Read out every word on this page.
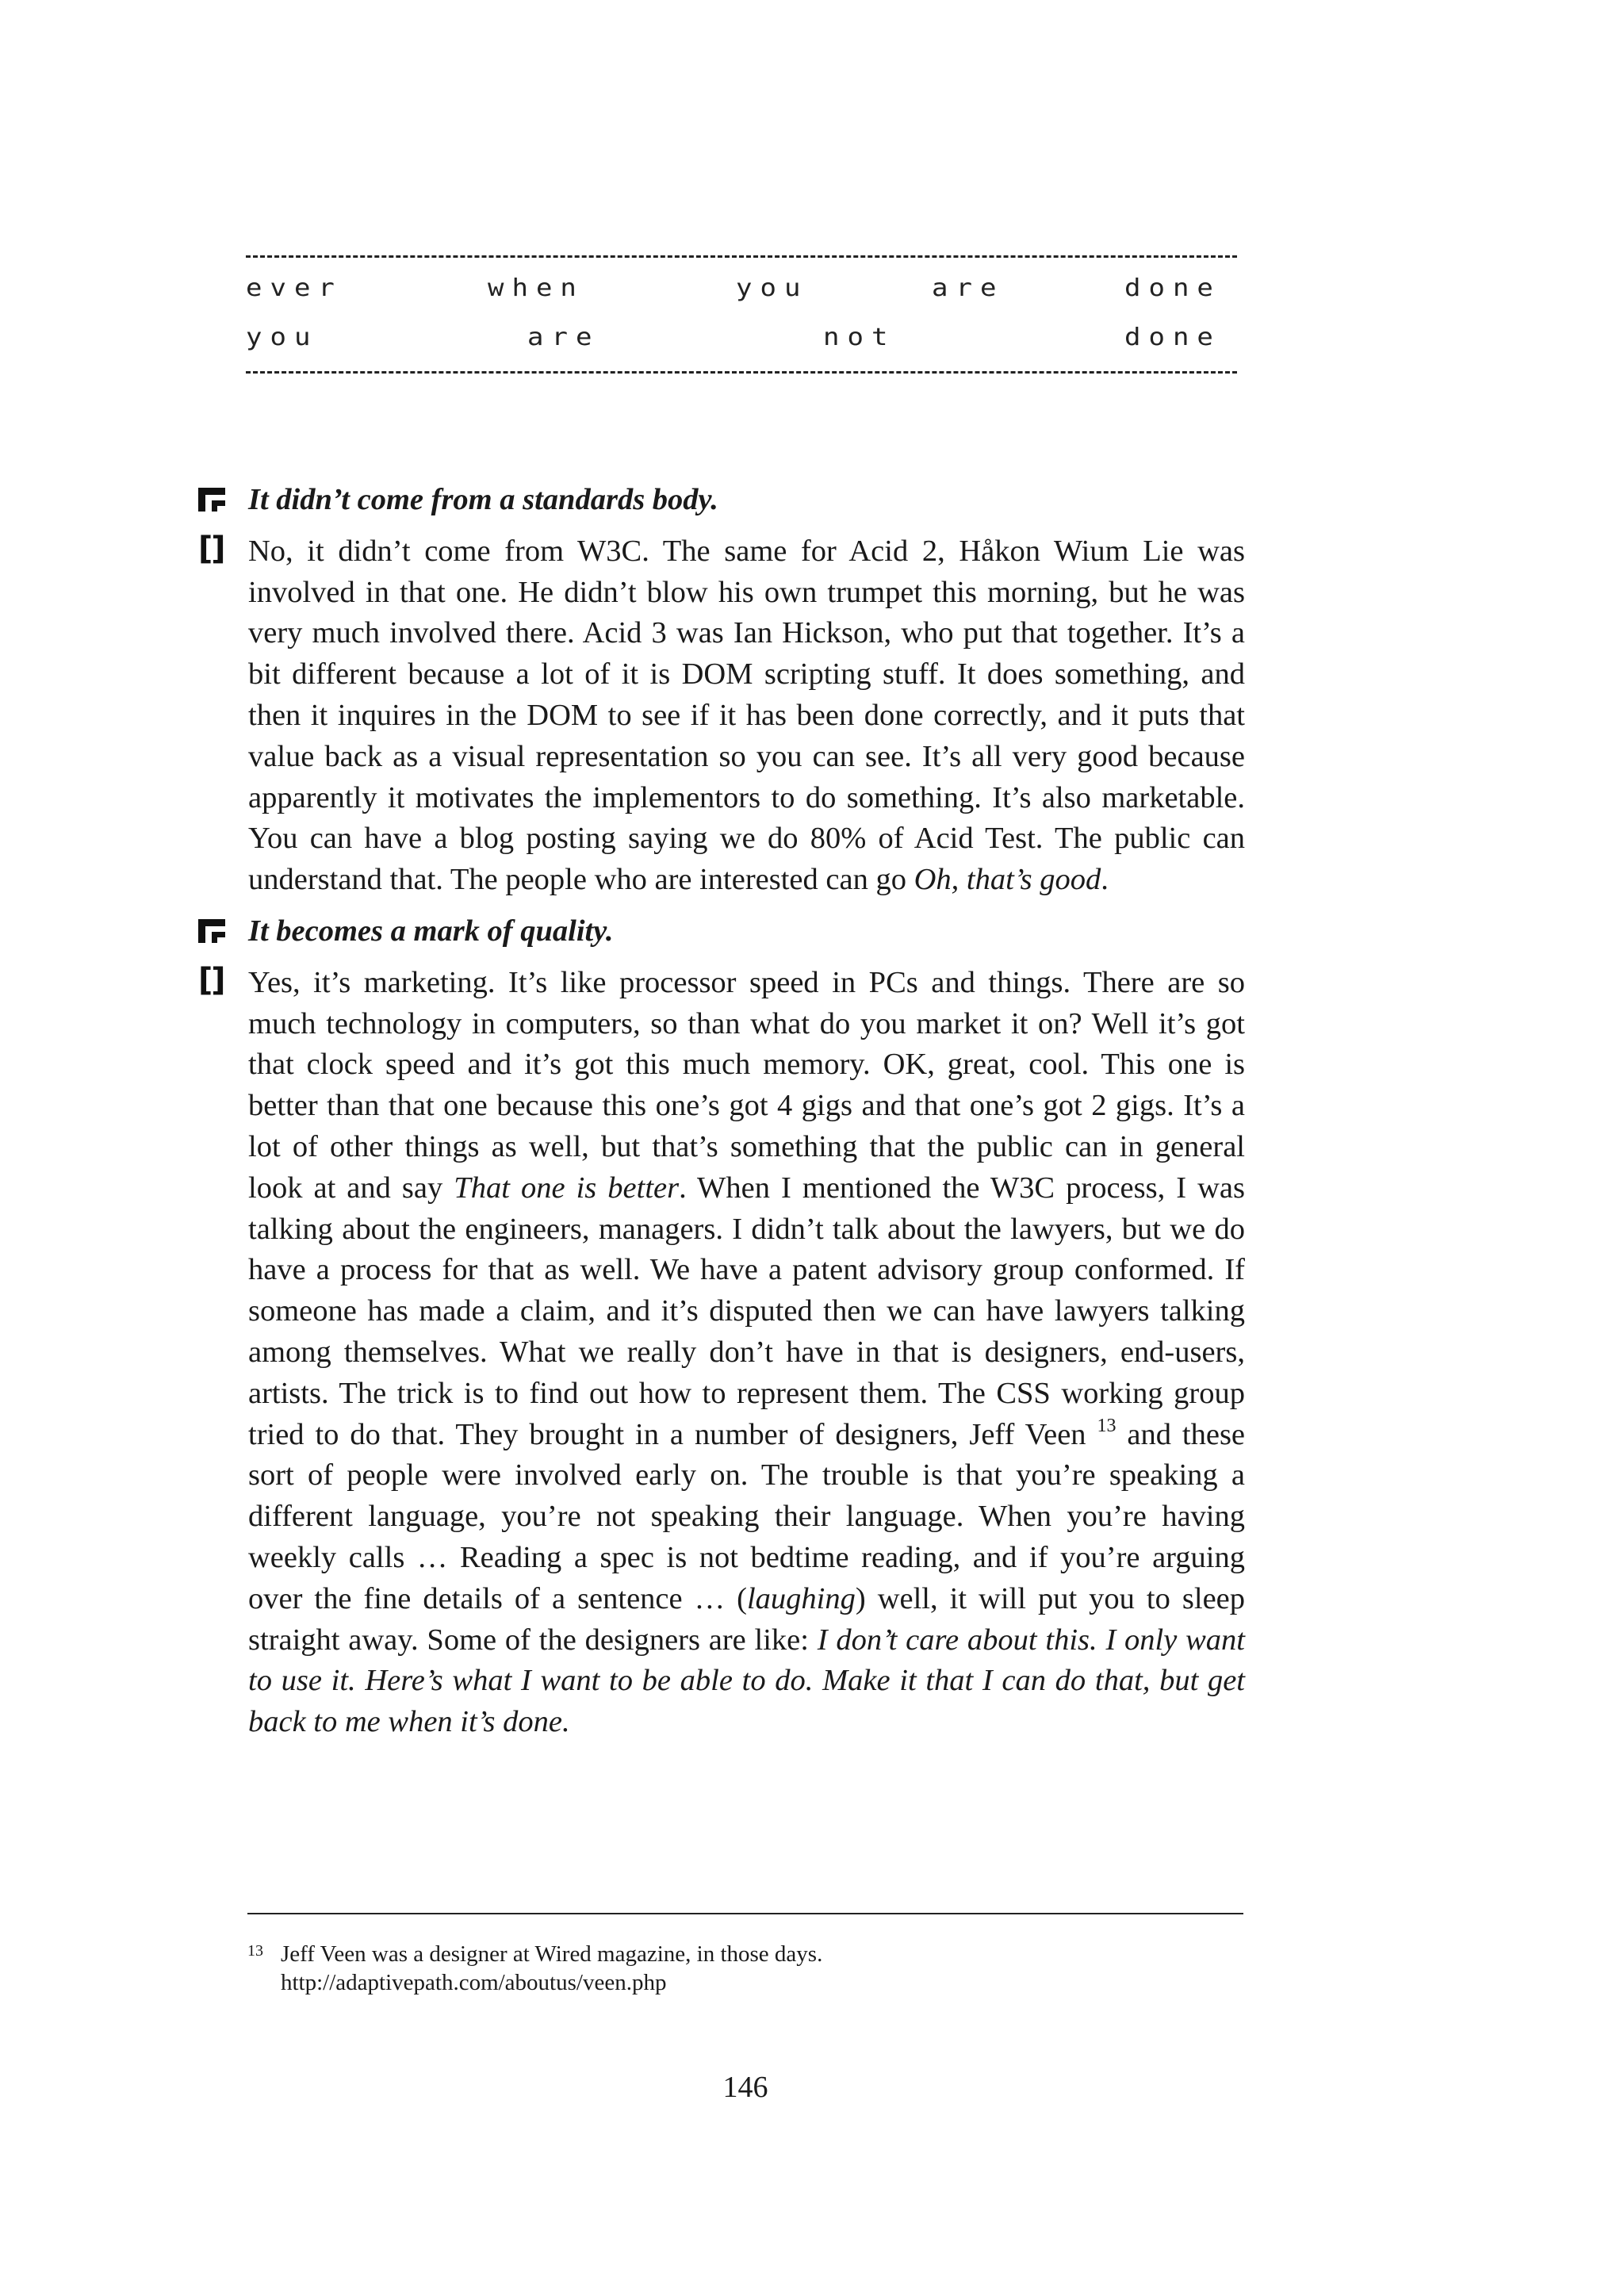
ever	when	you	are	done
you	are	not	done

It didn’t come from a standards body.

[] No, it didn’t come from W3C. The same for Acid 2, Håkon Wium Lie was involved in that one. He didn’t blow his own trumpet this morning, but he was very much involved there. Acid 3 was Ian Hickson, who put that together. It’s a bit different because a lot of it is DOM scripting stuff. It does something, and then it inquires in the DOM to see if it has been done correctly, and it puts that value back as a visual representation so you can see. It’s all very good because apparently it motivates the implementors to do something. It’s also marketable. You can have a blog posting saying we do 80% of Acid Test. The public can understand that. The people who are interested can go Oh, that’s good.

It becomes a mark of quality.

[] Yes, it’s marketing. It’s like processor speed in PCs and things. There are so much technology in computers, so than what do you market it on? Well it’s got that clock speed and it’s got this much memory. OK, great, cool. This one is better than that one because this one’s got 4 gigs and that one’s got 2 gigs. It’s a lot of other things as well, but that’s something that the public can in general look at and say That one is better. When I mentioned the W3C process, I was talking about the engineers, managers. I didn’t talk about the lawyers, but we do have a process for that as well. We have a patent advisory group conformed. If someone has made a claim, and it’s disputed then we can have lawyers talking among themselves. What we really don’t have in that is designers, end-users, artists. The trick is to find out how to represent them. The CSS working group tried to do that. They brought in a number of designers, Jeff Veen $^{13}$ and these sort of people were involved early on. The trouble is that you’re speaking a different language, you’re not speaking their language. When you’re having weekly calls … Reading a spec is not bedtime reading, and if you’re arguing over the fine details of a sentence … (laughing) well, it will put you to sleep straight away. Some of the designers are like: I don’t care about this. I only want to use it. Here’s what I want to be able to do. Make it that I can do that, but get back to me when it’s done.

13 Jeff Veen was a designer at Wired magazine, in those days.
http://adaptivepath.com/aboutus/veen.php
146
